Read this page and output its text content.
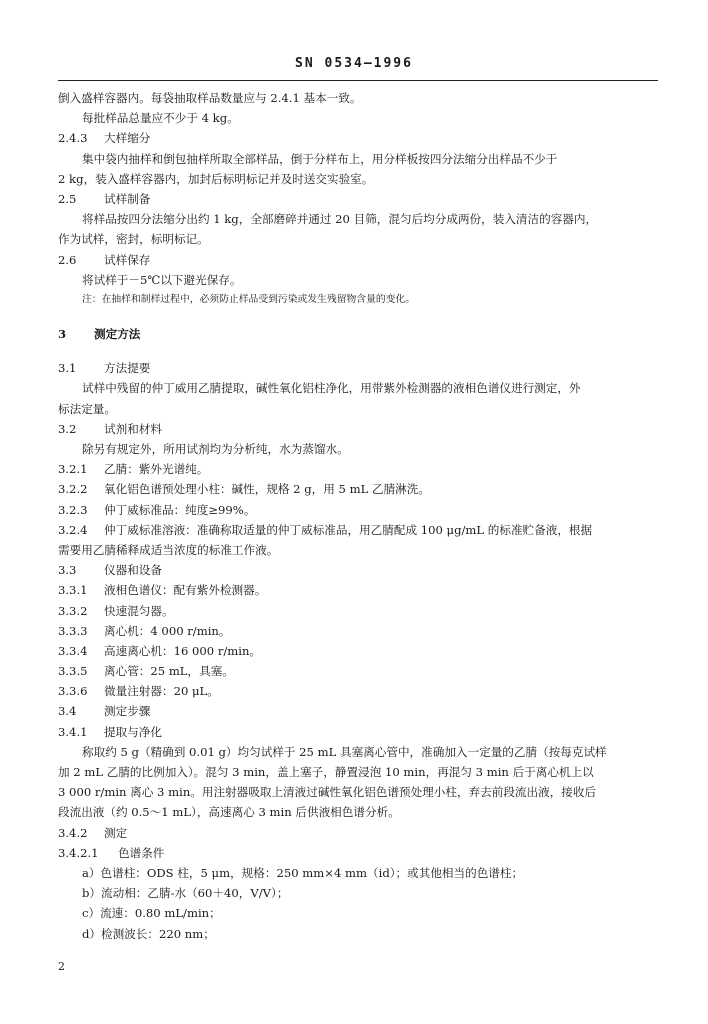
SN 0534—1996
倒入盛样容器内。每袋抽取样品数量应与 2.4.1 基本一致。
每批样品总量应不少于 4 kg。
2.4.3 大样缩分
集中袋内抽样和倒包抽样所取全部样品，倒于分样布上，用分样板按四分法缩分出样品不少于
2 kg，装入盛样容器内，加封后标明标记并及时送交实验室。
2.5 试样制备
将样品按四分法缩分出约 1 kg，全部磨碎并通过 20 目筛，混匀后均分成两份，装入清洁的容器内，
作为试样，密封，标明标记。
2.6 试样保存
将试样于－5℃以下避光保存。
注：在抽样和制样过程中，必须防止样品受到污染或发生残留物含量的变化。
3 测定方法
3.1 方法提要
试样中残留的仲丁威用乙腈提取，碱性氧化铝柱净化，用带紫外检测器的液相色谱仪进行测定，外
标法定量。
3.2 试剂和材料
除另有规定外，所用试剂均为分析纯，水为蒸馏水。
3.2.1 乙腈：紫外光谱纯。
3.2.2 氧化铝色谱预处理小柱：碱性，规格 2 g，用 5 mL 乙腈淋洗。
3.2.3 仲丁威标准品：纯度≥99%。
3.2.4 仲丁威标准溶液：准确称取适量的仲丁威标准品，用乙腈配成 100 μg/mL 的标准贮备液，根据
需要用乙腈稀释成适当浓度的标准工作液。
3.3 仪器和设备
3.3.1 液相色谱仪：配有紫外检测器。
3.3.2 快速混匀器。
3.3.3 离心机：4 000 r/min。
3.3.4 高速离心机：16 000 r/min。
3.3.5 离心管：25 mL，具塞。
3.3.6 微量注射器：20 μL。
3.4 测定步骤
3.4.1 提取与净化
称取约 5 g（精确到 0.01 g）均匀试样于 25 mL 具塞离心管中，准确加入一定量的乙腈（按每克试样
加 2 mL 乙腈的比例加入）。混匀 3 min，盖上塞子，静置浸泡 10 min，再混匀 3 min 后于离心机上以
3 000 r/min 离心 3 min。用注射器吸取上清液过碱性氧化铝色谱预处理小柱，弃去前段流出液，接收后
段流出液（约 0.5～1 mL），高速离心 3 min 后供液相色谱分析。
3.4.2 测定
3.4.2.1 色谱条件
a）色谱柱：ODS 柱，5 μm，规格：250 mm×4 mm（id）；或其他相当的色谱柱；
b）流动相：乙腈-水（60＋40，V/V）；
c）流速：0.80 mL/min；
d）检测波长：220 nm；
2
